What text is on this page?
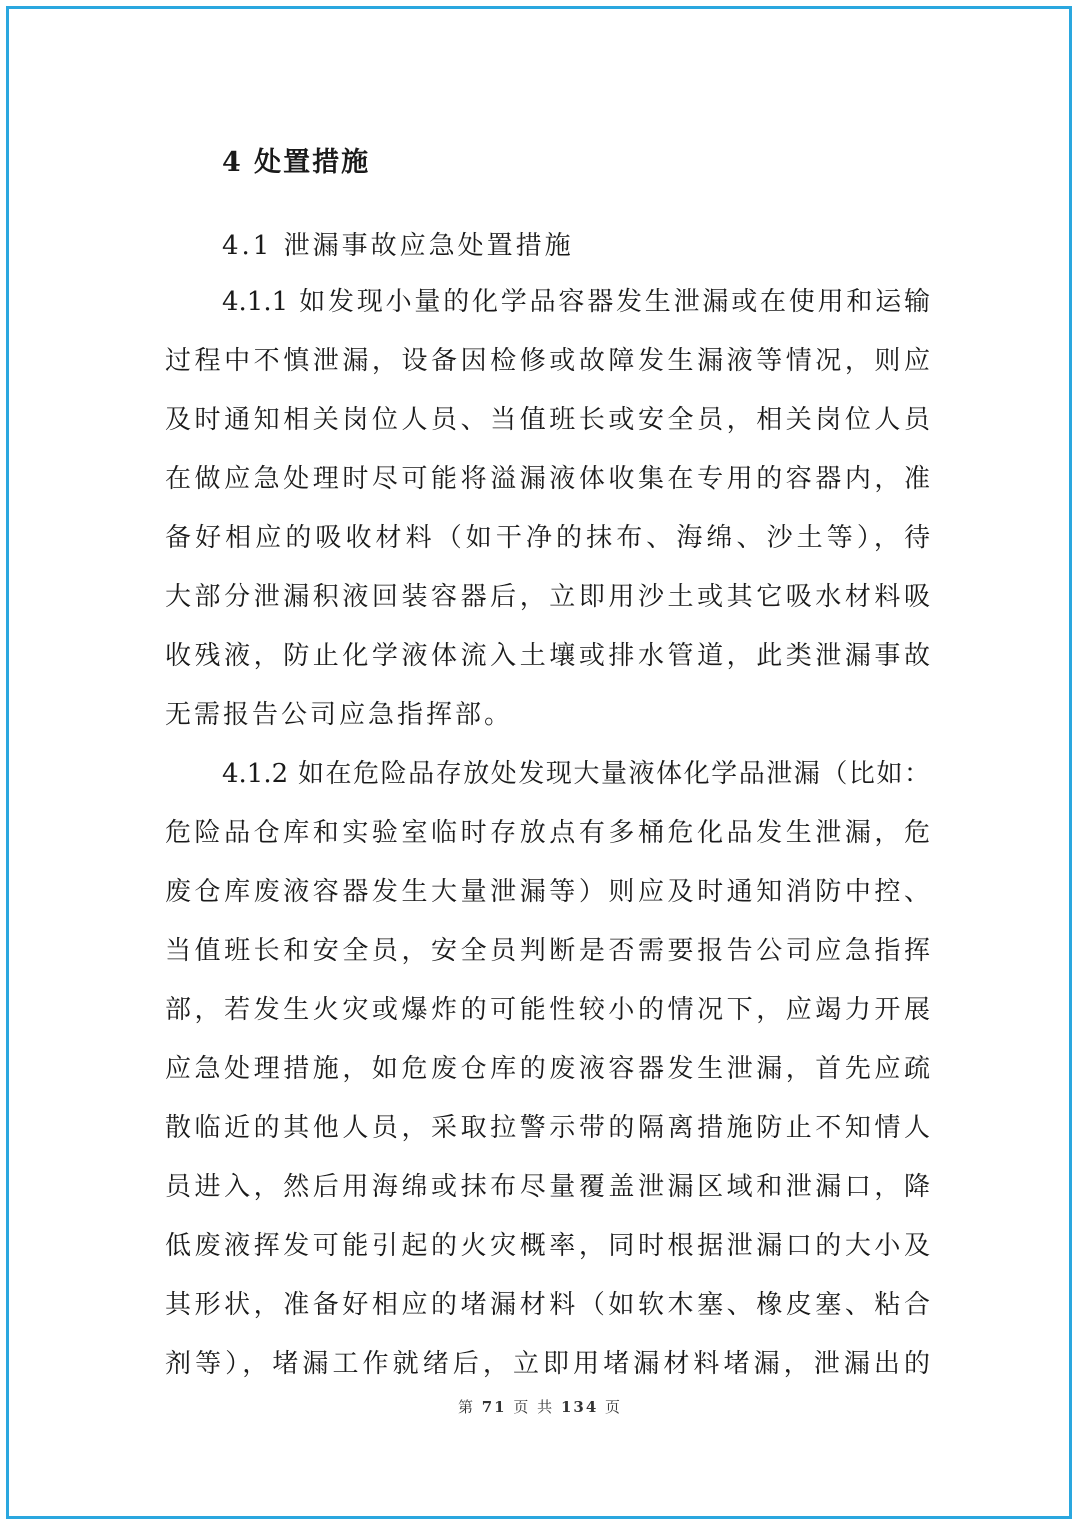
4 处置措施
4.1 泄漏事故应急处置措施
4.1.1 如发现小量的化学品容器发生泄漏或在使用和运输
过程中不慎泄漏，设备因检修或故障发生漏液等情况，则应
及时通知相关岗位人员、当值班长或安全员，相关岗位人员
在做应急处理时尽可能将溢漏液体收集在专用的容器内，准
备好相应的吸收材料（如干净的抹布、海绵、沙土等），待
大部分泄漏积液回装容器后，立即用沙土或其它吸水材料吸
收残液，防止化学液体流入土壤或排水管道，此类泄漏事故
无需报告公司应急指挥部。
4.1.2 如在危险品存放处发现大量液体化学品泄漏（比如：
危险品仓库和实验室临时存放点有多桶危化品发生泄漏，危
废仓库废液容器发生大量泄漏等）则应及时通知消防中控、
当值班长和安全员，安全员判断是否需要报告公司应急指挥
部，若发生火灾或爆炸的可能性较小的情况下，应竭力开展
应急处理措施，如危废仓库的废液容器发生泄漏，首先应疏
散临近的其他人员，采取拉警示带的隔离措施防止不知情人
员进入，然后用海绵或抹布尽量覆盖泄漏区域和泄漏口，降
低废液挥发可能引起的火灾概率，同时根据泄漏口的大小及
其形状，准备好相应的堵漏材料（如软木塞、橡皮塞、粘合
剂等），堵漏工作就绪后，立即用堵漏材料堵漏，泄漏出的
第 71 页 共 134 页
